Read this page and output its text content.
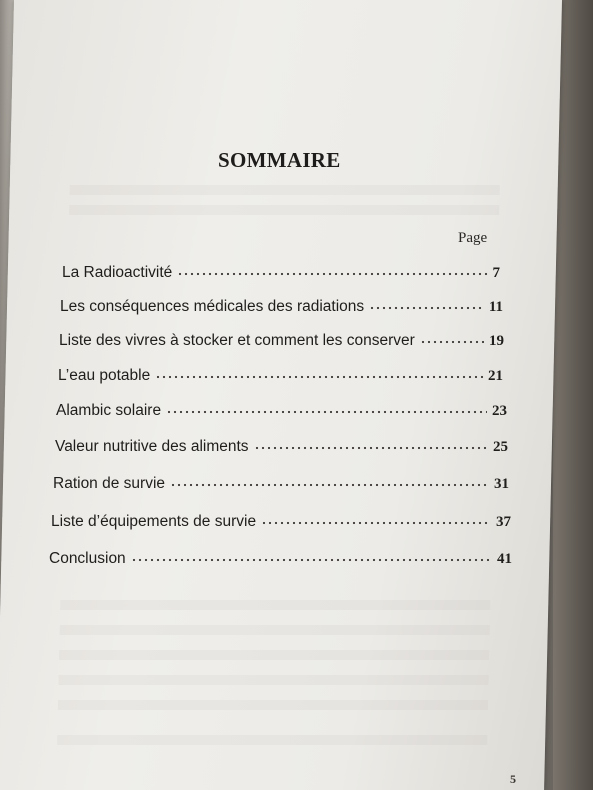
SOMMAIRE
Page
La Radioactivité	7
Les conséquences médicales des radiations	11
Liste des vivres à stocker et comment les conserver	19
L’eau potable	21
Alambic solaire	23
Valeur nutritive des aliments	25
Ration de survie	31
Liste d’équipements de survie	37
Conclusion	41
5
